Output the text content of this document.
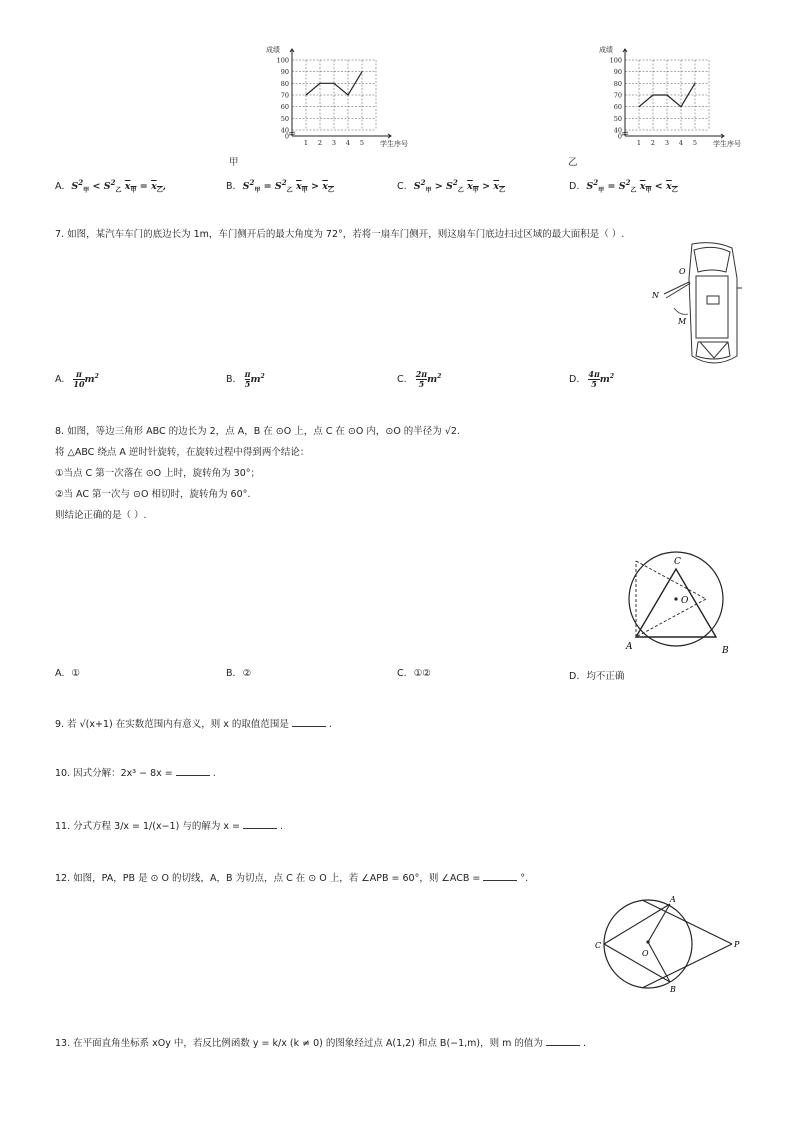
0
40
50
60
70
80
90
100
1 2 3 4 5
成绩
学生序号
甲
0
40
50
60
70
80
90
100
1 2 3 4 5
成绩
学生序号
乙
A. $S^2_甲 < S^2_乙$ $x_甲 = x_乙$,	B. $S^2_甲 = S^2_乙$ $x_甲 > x_乙$	C. $S^2_甲 > S^2_乙$ $x_甲 > x_乙$	D. $S^2_甲 = S^2_乙$ $x_甲 < x_乙$
7. 如图，某汽车车门的底边长为 1m，车门侧开后的最大角度为 72°，若将一扇车门侧开，则这扇车门底边扫过区域的最大面积是（ ）.
O
N
M
A. $\frac{\pi}{10} m^2$	B. $\frac{\pi}{5} m^2$	C. $\frac{2\pi}{5} m^2$	D. $\frac{4\pi}{5} m^2$
8. 如图，等边三角形 ABC 的边长为 2，点 A，B 在 ⊙O 上，点 C 在 ⊙O 内，⊙O 的半径为 √2.
将 △ABC 绕点 A 逆时针旋转，在旋转过程中得到两个结论：
①当点 C 第一次落在 ⊙O 上时，旋转角为 30°；
②当 AC 第一次与 ⊙O 相切时，旋转角为 60°.
则结论正确的是（ ）.
C
O
A	B
A. ①	B. ②	C. ①②	D. 均不正确
9. 若 √(x+1) 在实数范围内有意义，则 x 的取值范围是	.
10. 因式分解：2x³ − 8x =	.
11. 分式方程 3/x = 1/(x−1) 与的解为 x =	.
12. 如图，PA，PB 是 ⊙ O 的切线，A，B 为切点，点 C 在 ⊙ O 上，若 ∠APB = 60°，则 ∠ACB =	°.
A
C
O
P
B
13. 在平面直角坐标系 xOy 中，若反比例函数 y = k/x (k ≠ 0) 的图象经过点 A(1,2) 和点 B(−1,m)，则 m 的值为	.
